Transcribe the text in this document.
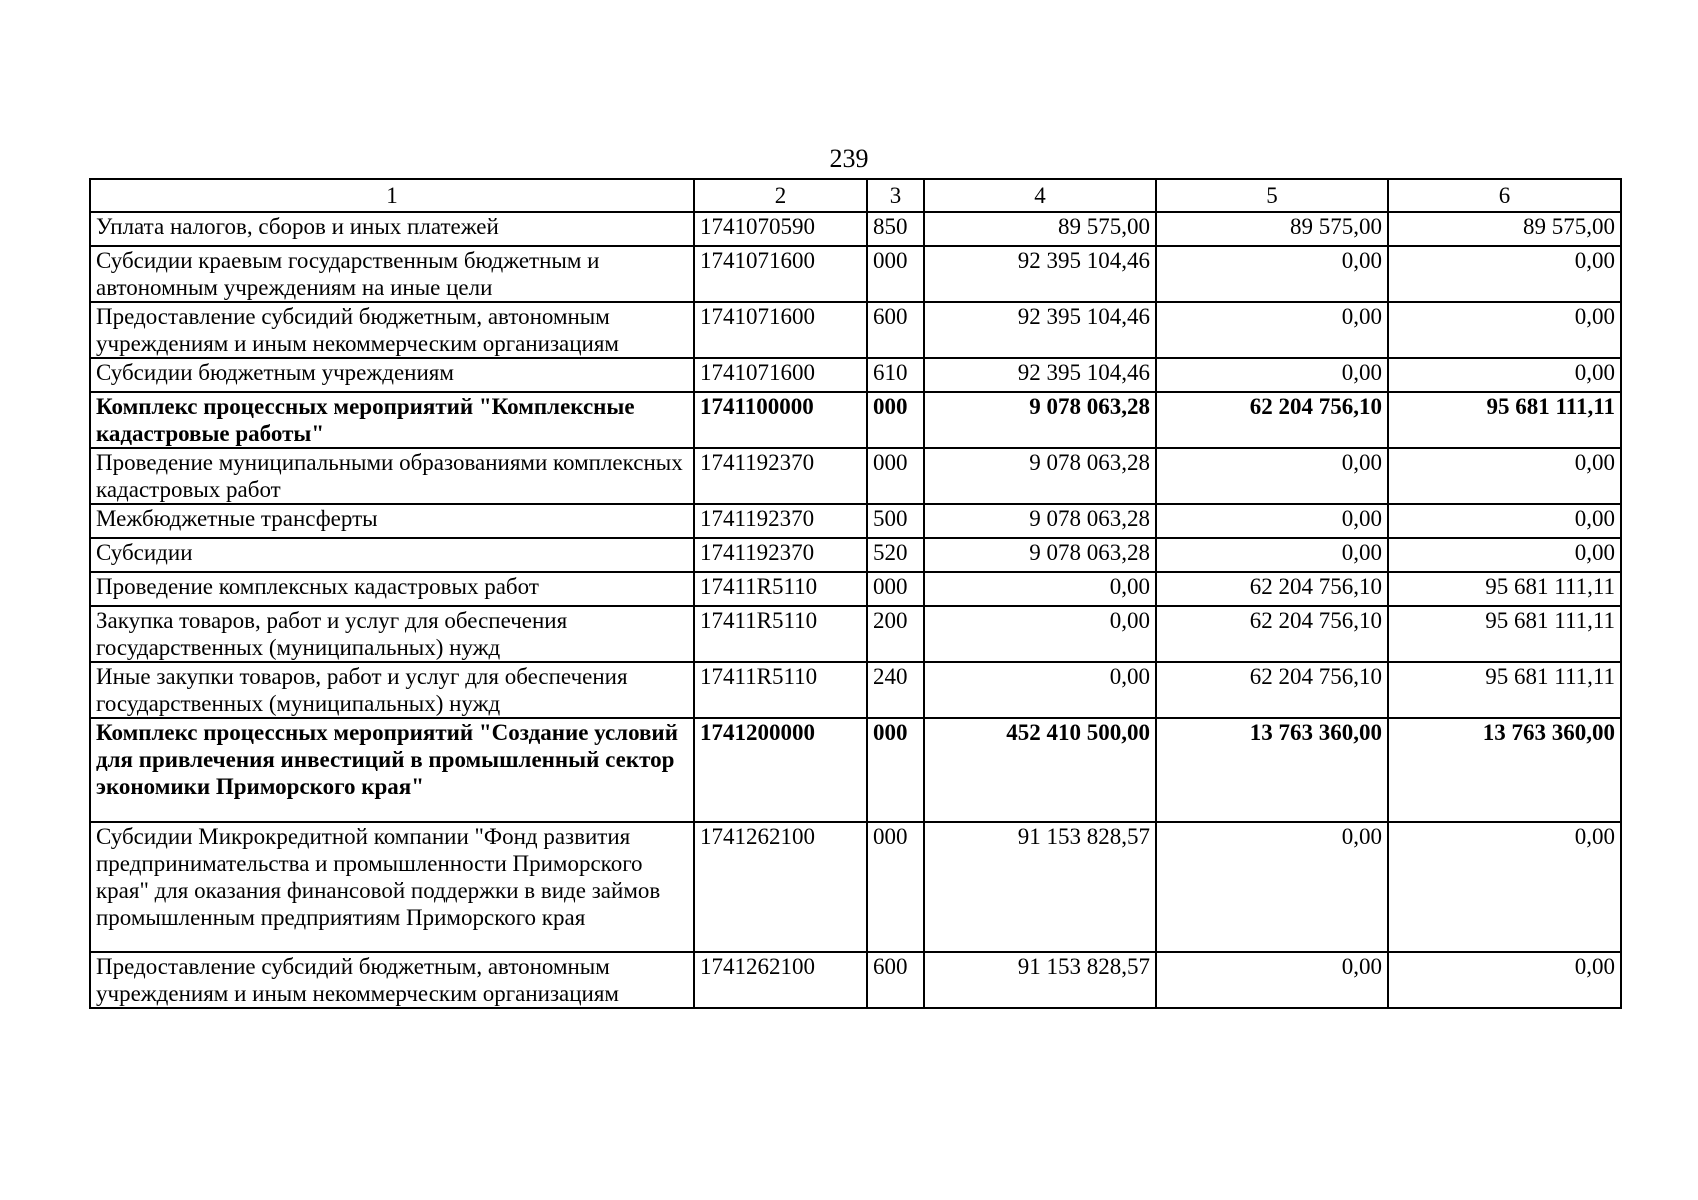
239
1	2	3	4	5	6
Уплата налогов, сборов и иных платежей	1741070590	850	89 575,00	89 575,00	89 575,00
Субсидии краевым государственным бюджетным и автономным учреждениям на иные цели	1741071600	000	92 395 104,46	0,00	0,00
Предоставление субсидий бюджетным, автономным учреждениям и иным некоммерческим организациям	1741071600	600	92 395 104,46	0,00	0,00
Субсидии бюджетным учреждениям	1741071600	610	92 395 104,46	0,00	0,00
Комплекс процессных мероприятий "Комплексные кадастровые работы"	1741100000	000	9 078 063,28	62 204 756,10	95 681 111,11
Проведение муниципальными образованиями комплексных кадастровых работ	1741192370	000	9 078 063,28	0,00	0,00
Межбюджетные трансферты	1741192370	500	9 078 063,28	0,00	0,00
Субсидии	1741192370	520	9 078 063,28	0,00	0,00
Проведение комплексных кадастровых работ	17411R5110	000	0,00	62 204 756,10	95 681 111,11
Закупка товаров, работ и услуг для обеспечения государственных (муниципальных) нужд	17411R5110	200	0,00	62 204 756,10	95 681 111,11
Иные закупки товаров, работ и услуг для обеспечения государственных (муниципальных) нужд	17411R5110	240	0,00	62 204 756,10	95 681 111,11
Комплекс процессных мероприятий "Создание условий для привлечения инвестиций в промышленный сектор экономики Приморского края"	1741200000	000	452 410 500,00	13 763 360,00	13 763 360,00
Субсидии Микрокредитной компании "Фонд развития предпринимательства и промышленности Приморского края" для оказания финансовой поддержки в виде займов промышленным предприятиям Приморского края	1741262100	000	91 153 828,57	0,00	0,00
Предоставление субсидий бюджетным, автономным учреждениям и иным некоммерческим организациям	1741262100	600	91 153 828,57	0,00	0,00
